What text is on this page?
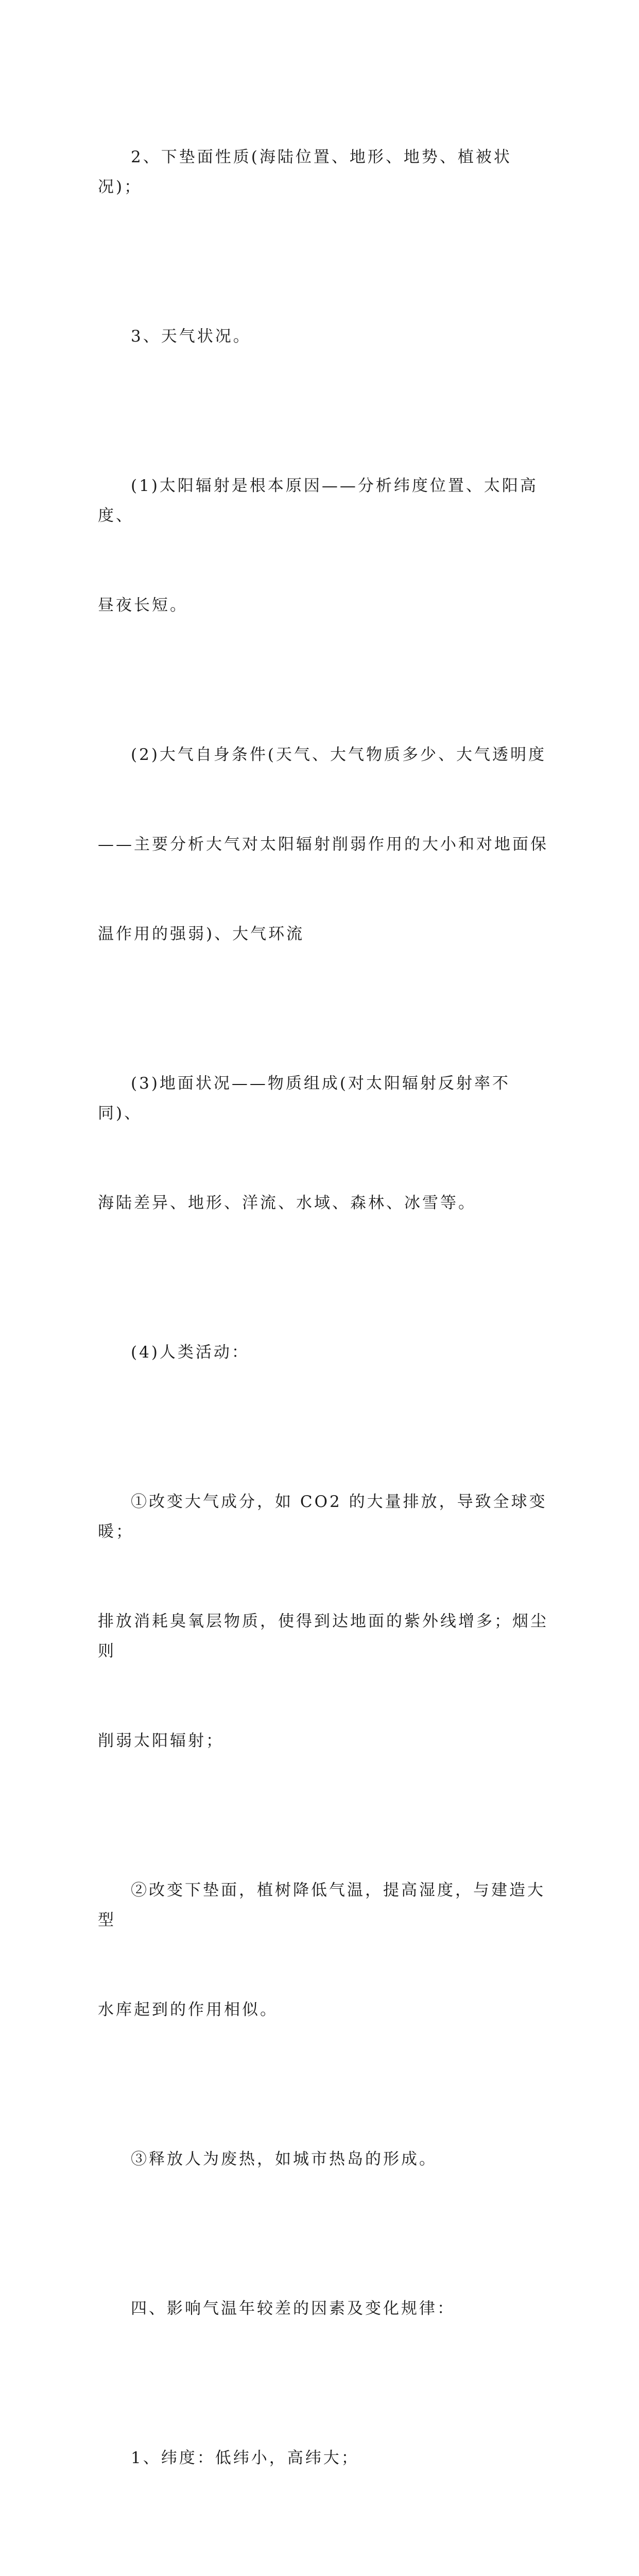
2、下垫面性质(海陆位置、地形、地势、植被状况)；

3、天气状况。

(1)太阳辐射是根本原因——分析纬度位置、太阳高度、

昼夜长短。

(2)大气自身条件(天气、大气物质多少、大气透明度

——主要分析大气对太阳辐射削弱作用的大小和对地面保

温作用的强弱)、大气环流

(3)地面状况——物质组成(对太阳辐射反射率不同)、

海陆差异、地形、洋流、水域、森林、冰雪等。

(4)人类活动：

①改变大气成分，如 CO2 的大量排放，导致全球变暖；

排放消耗臭氧层物质，使得到达地面的紫外线增多；烟尘则

削弱太阳辐射；

②改变下垫面，植树降低气温，提高湿度，与建造大型

水库起到的作用相似。

③释放人为废热，如城市热岛的形成。

四、影响气温年较差的因素及变化规律：

1、纬度：低纬小，高纬大；
